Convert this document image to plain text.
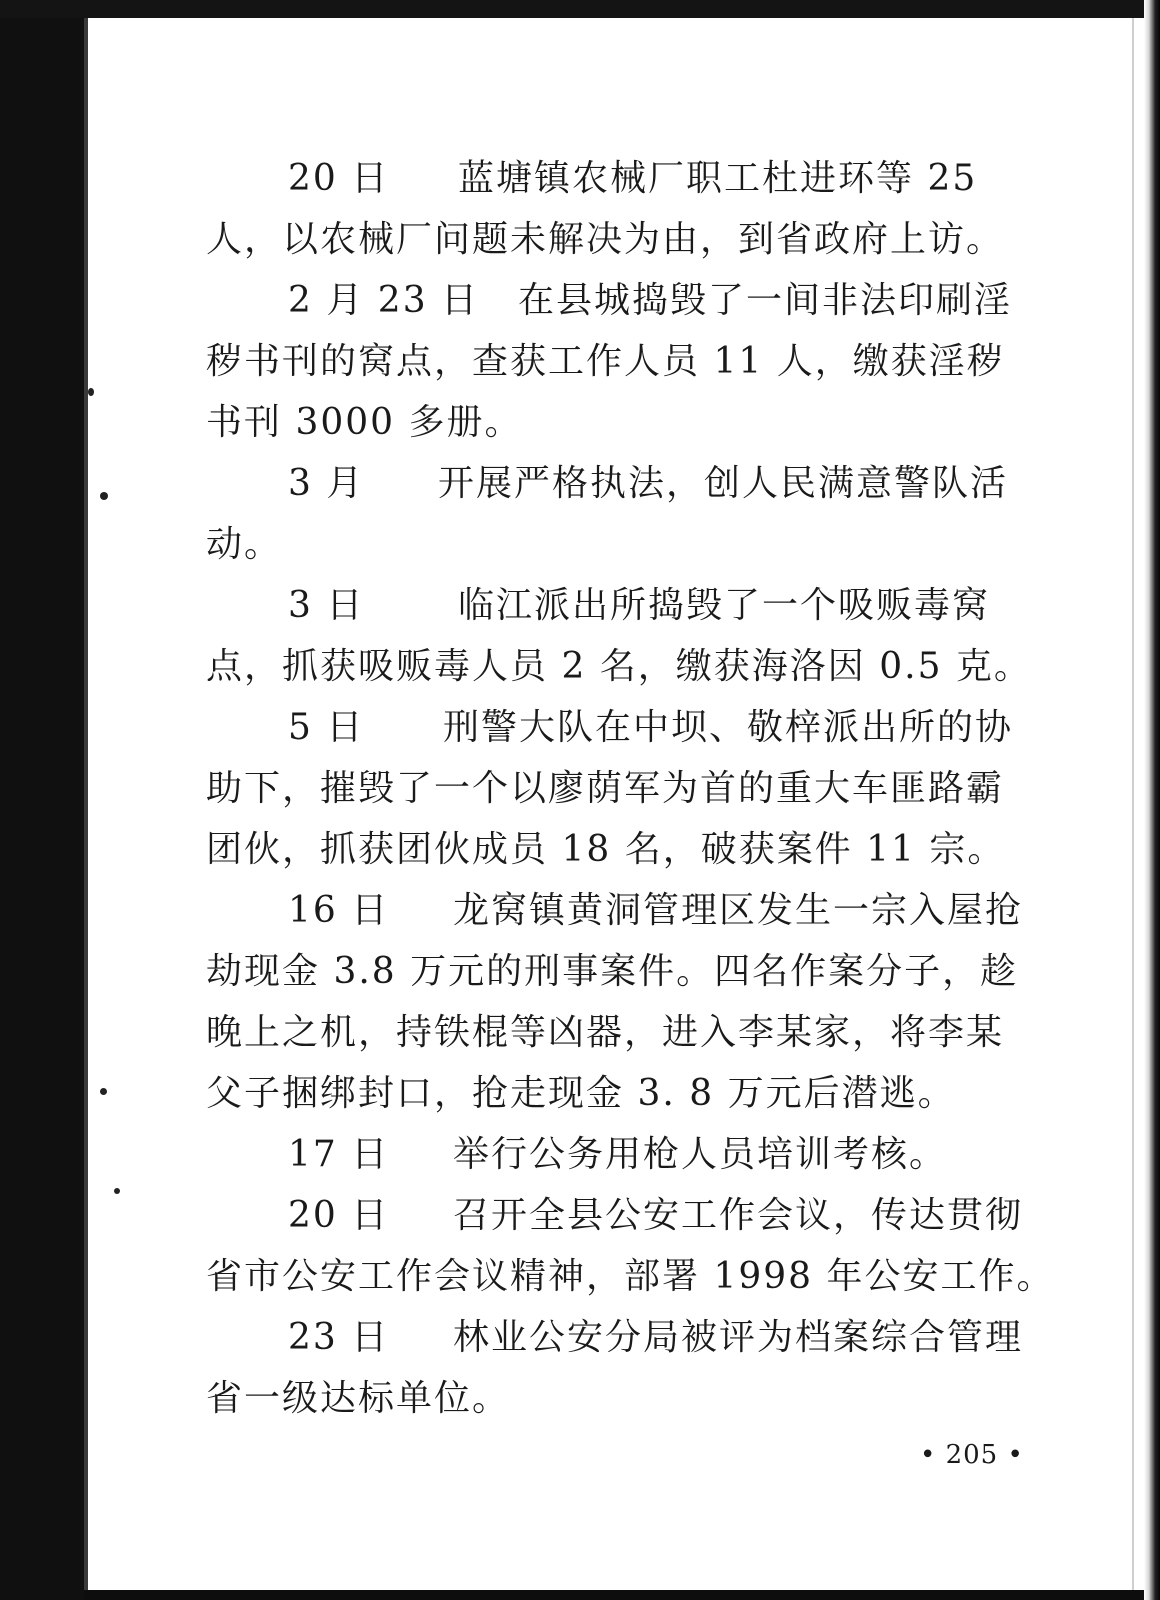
20 日 蓝塘镇农械厂职工杜进环等 25
人，以农械厂问题未解决为由，到省政府上访。
2 月 23 日 在县城捣毁了一间非法印刷淫
秽书刊的窝点，查获工作人员 11 人，缴获淫秽
书刊 3000 多册。
3 月 开展严格执法，创人民满意警队活
动。
3 日	临江派出所捣毁了一个吸贩毒窝
点，抓获吸贩毒人员 2 名，缴获海洛因 0.5 克。
5 日 刑警大队在中坝、敬梓派出所的协
助下，摧毁了一个以廖荫军为首的重大车匪路霸
团伙，抓获团伙成员 18 名，破获案件 11 宗。
16 日 龙窝镇黄洞管理区发生一宗入屋抢
劫现金 3.8 万元的刑事案件。四名作案分子，趁
晚上之机，持铁棍等凶器，进入李某家，将李某
父子捆绑封口，抢走现金 3. 8 万元后潜逃。
17 日 举行公务用枪人员培训考核。
20 日 召开全县公安工作会议，传达贯彻
省市公安工作会议精神，部署 1998 年公安工作。
23 日 林业公安分局被评为档案综合管理
省一级达标单位。
• 205 •
